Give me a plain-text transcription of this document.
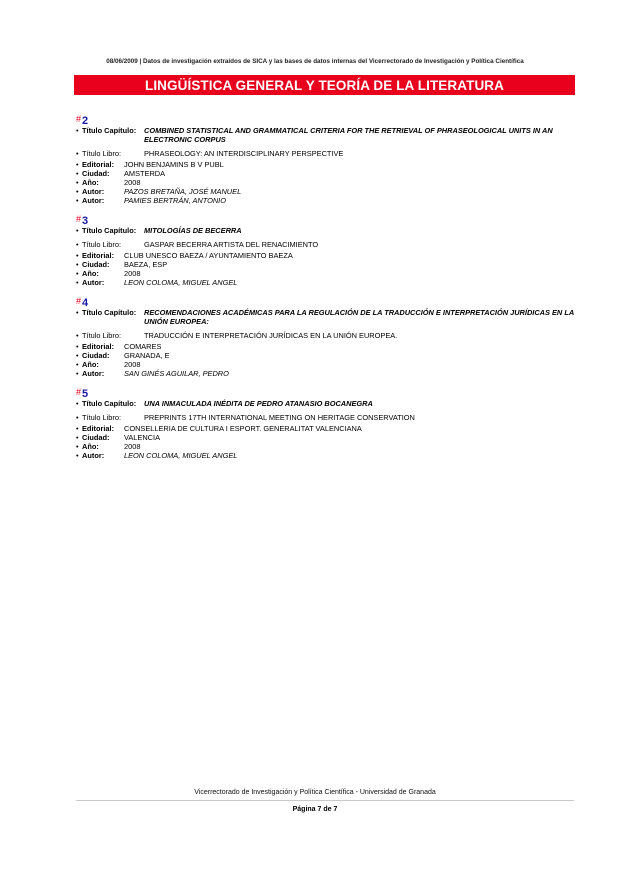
08/06/2009 | Datos de investigación extraídos de SICA y las bases de datos internas del Vicerrectorado de Investigación y Política Científica
LINGÜÍSTICA GENERAL Y TEORÍA DE LA LITERATURA
#2
• Título Capítulo:	COMBINED STATISTICAL AND GRAMMATICAL CRITERIA FOR THE RETRIEVAL OF PHRASEOLOGICAL UNITS IN AN ELECTRONIC CORPUS
• Título Libro:	PHRASEOLOGY: AN INTERDISCIPLINARY PERSPECTIVE
• Editorial:	JOHN BENJAMINS B V PUBL
• Ciudad:	AMSTERDA
• Año:	2008
• Autor:	PAZOS BRETAÑA, JOSÉ MANUEL
• Autor:	PAMIES BERTRÁN, ANTONIO
#3
• Título Capítulo:	MITOLOGÍAS DE BECERRA
• Título Libro:	GASPAR BECERRA ARTISTA DEL RENACIMIENTO
• Editorial:	CLUB UNESCO BAEZA / AYUNTAMIENTO BAEZA
• Ciudad:	BAEZA, ESP
• Año:	2008
• Autor:	LEON COLOMA, MIGUEL ANGEL
#4
• Título Capítulo:	RECOMENDACIONES ACADÉMICAS PARA LA REGULACIÓN DE LA TRADUCCIÓN E INTERPRETACIÓN JURÍDICAS EN LA UNIÓN EUROPEA:
• Título Libro:	TRADUCCIÓN E INTERPRETACIÓN JURÍDICAS EN LA UNIÓN EUROPEA.
• Editorial:	COMARES
• Ciudad:	GRANADA, E
• Año:	2008
• Autor:	SAN GINÉS AGUILAR, PEDRO
#5
• Título Capítulo:	UNA INMACULADA INÉDITA DE PEDRO ATANASIO BOCANEGRA
• Título Libro:	PREPRINTS 17TH INTERNATIONAL MEETING ON HERITAGE CONSERVATION
• Editorial:	CONSELLERIA DE CULTURA I ESPORT. GENERALITAT VALENCIANA
• Ciudad:	VALENCIA
• Año:	2008
• Autor:	LEON COLOMA, MIGUEL ANGEL
Vicerrectorado de Investigación y Política Científica - Universidad de Granada
Página 7 de 7
